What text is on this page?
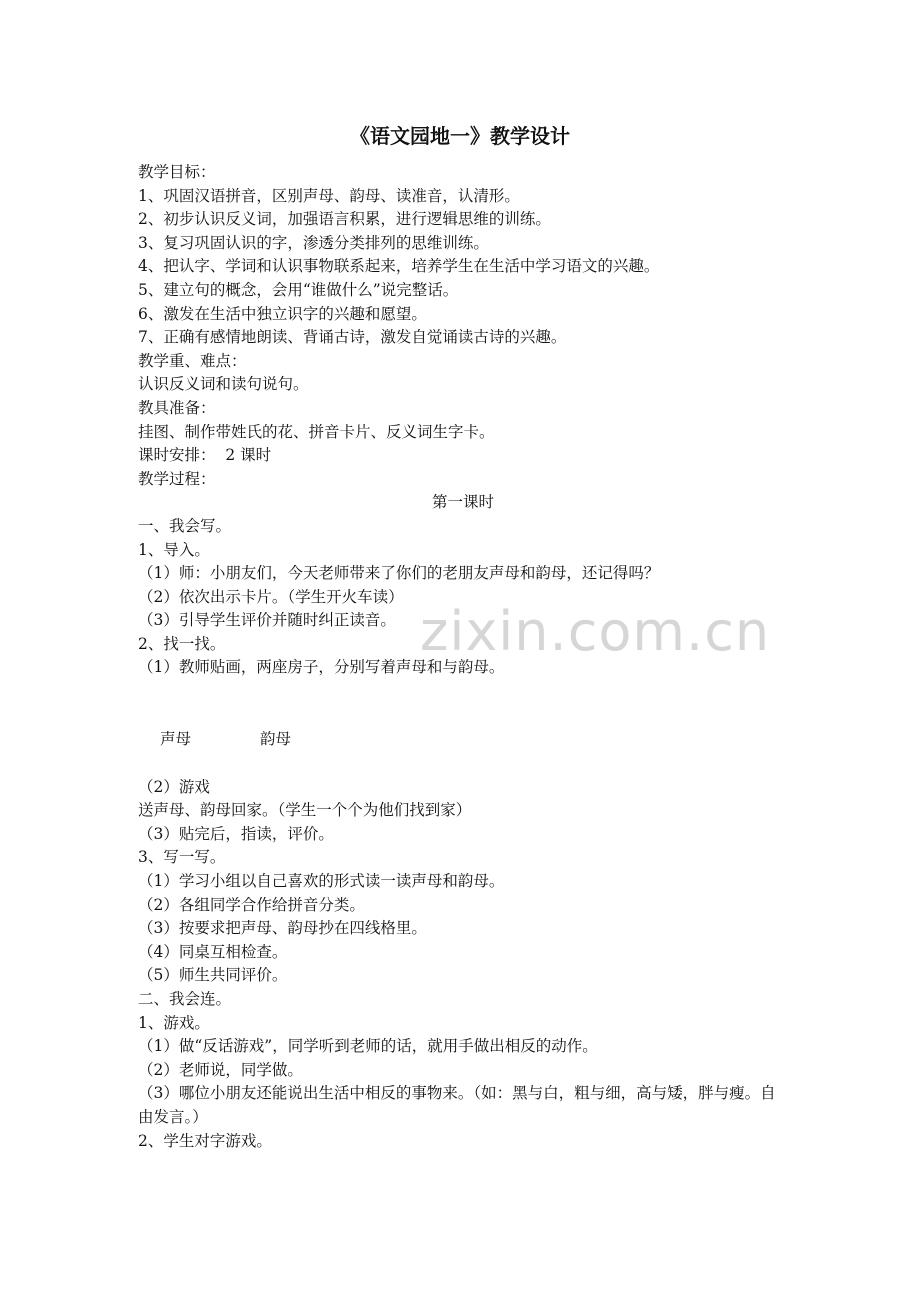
《语文园地一》教学设计

教学目标：

1、巩固汉语拼音，区别声母、韵母、读准音，认清形。

2、初步认识反义词，加强语言积累，进行逻辑思维的训练。

3、复习巩固认识的字，渗透分类排列的思维训练。

4、把认字、学词和认识事物联系起来，培养学生在生活中学习语文的兴趣。

5、建立句的概念，会用“谁做什么”说完整话。

6、激发在生活中独立识字的兴趣和愿望。

7、正确有感情地朗读、背诵古诗，激发自觉诵读古诗的兴趣。

教学重、难点：

认识反义词和读句说句。

教具准备：

挂图、制作带姓氏的花、拼音卡片、反义词生字卡。

课时安排：  2 课时

教学过程：

第一课时

一、我会写。

1、导入。

（1）师：小朋友们，今天老师带来了你们的老朋友声母和韵母，还记得吗？

（2）依次出示卡片。（学生开火车读）

（3）引导学生评价并随时纠正读音。

2、找一找。

（1）教师贴画，两座房子，分别写着声母和与韵母。

声母	韵母

（2）游戏

送声母、韵母回家。（学生一个个为他们找到家）

（3）贴完后，指读，评价。

3、写一写。

（1）学习小组以自己喜欢的形式读一读声母和韵母。

（2）各组同学合作给拼音分类。

（3）按要求把声母、韵母抄在四线格里。

（4）同桌互相检查。

（5）师生共同评价。

二、我会连。

1、游戏。

（1）做“反话游戏”，同学听到老师的话，就用手做出相反的动作。

（2）老师说，同学做。

（3）哪位小朋友还能说出生活中相反的事物来。（如：黑与白，粗与细，高与矮，胖与瘦。自由发言。）

2、学生对字游戏。

zixin.com.cn
